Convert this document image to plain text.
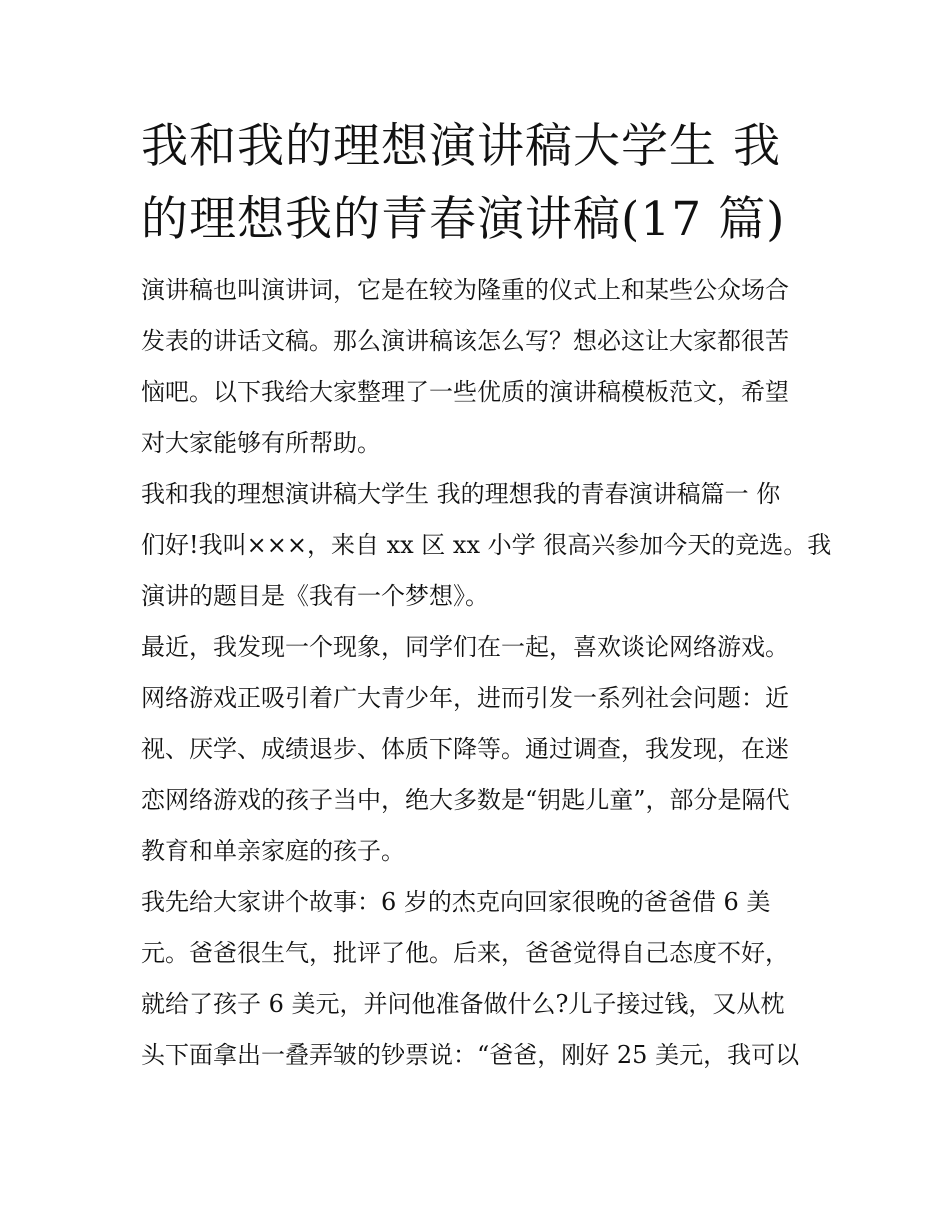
我和我的理想演讲稿大学生 我
的理想我的青春演讲稿(17 篇)
演讲稿也叫演讲词，它是在较为隆重的仪式上和某些公众场合
发表的讲话文稿。那么演讲稿该怎么写？想必这让大家都很苦
恼吧。以下我给大家整理了一些优质的演讲稿模板范文，希望
对大家能够有所帮助。
我和我的理想演讲稿大学生 我的理想我的青春演讲稿篇一 你
们好!我叫×××，来自 xx 区 xx 小学 很高兴参加今天的竞选。我
演讲的题目是《我有一个梦想》。
最近，我发现一个现象，同学们在一起，喜欢谈论网络游戏。
网络游戏正吸引着广大青少年，进而引发一系列社会问题：近
视、厌学、成绩退步、体质下降等。通过调查，我发现，在迷
恋网络游戏的孩子当中，绝大多数是“钥匙儿童”，部分是隔代
教育和单亲家庭的孩子。
我先给大家讲个故事：6 岁的杰克向回家很晚的爸爸借 6 美
元。爸爸很生气，批评了他。后来，爸爸觉得自己态度不好，
就给了孩子 6 美元，并问他准备做什么?儿子接过钱，又从枕
头下面拿出一叠弄皱的钞票说：“爸爸，刚好 25 美元，我可以
